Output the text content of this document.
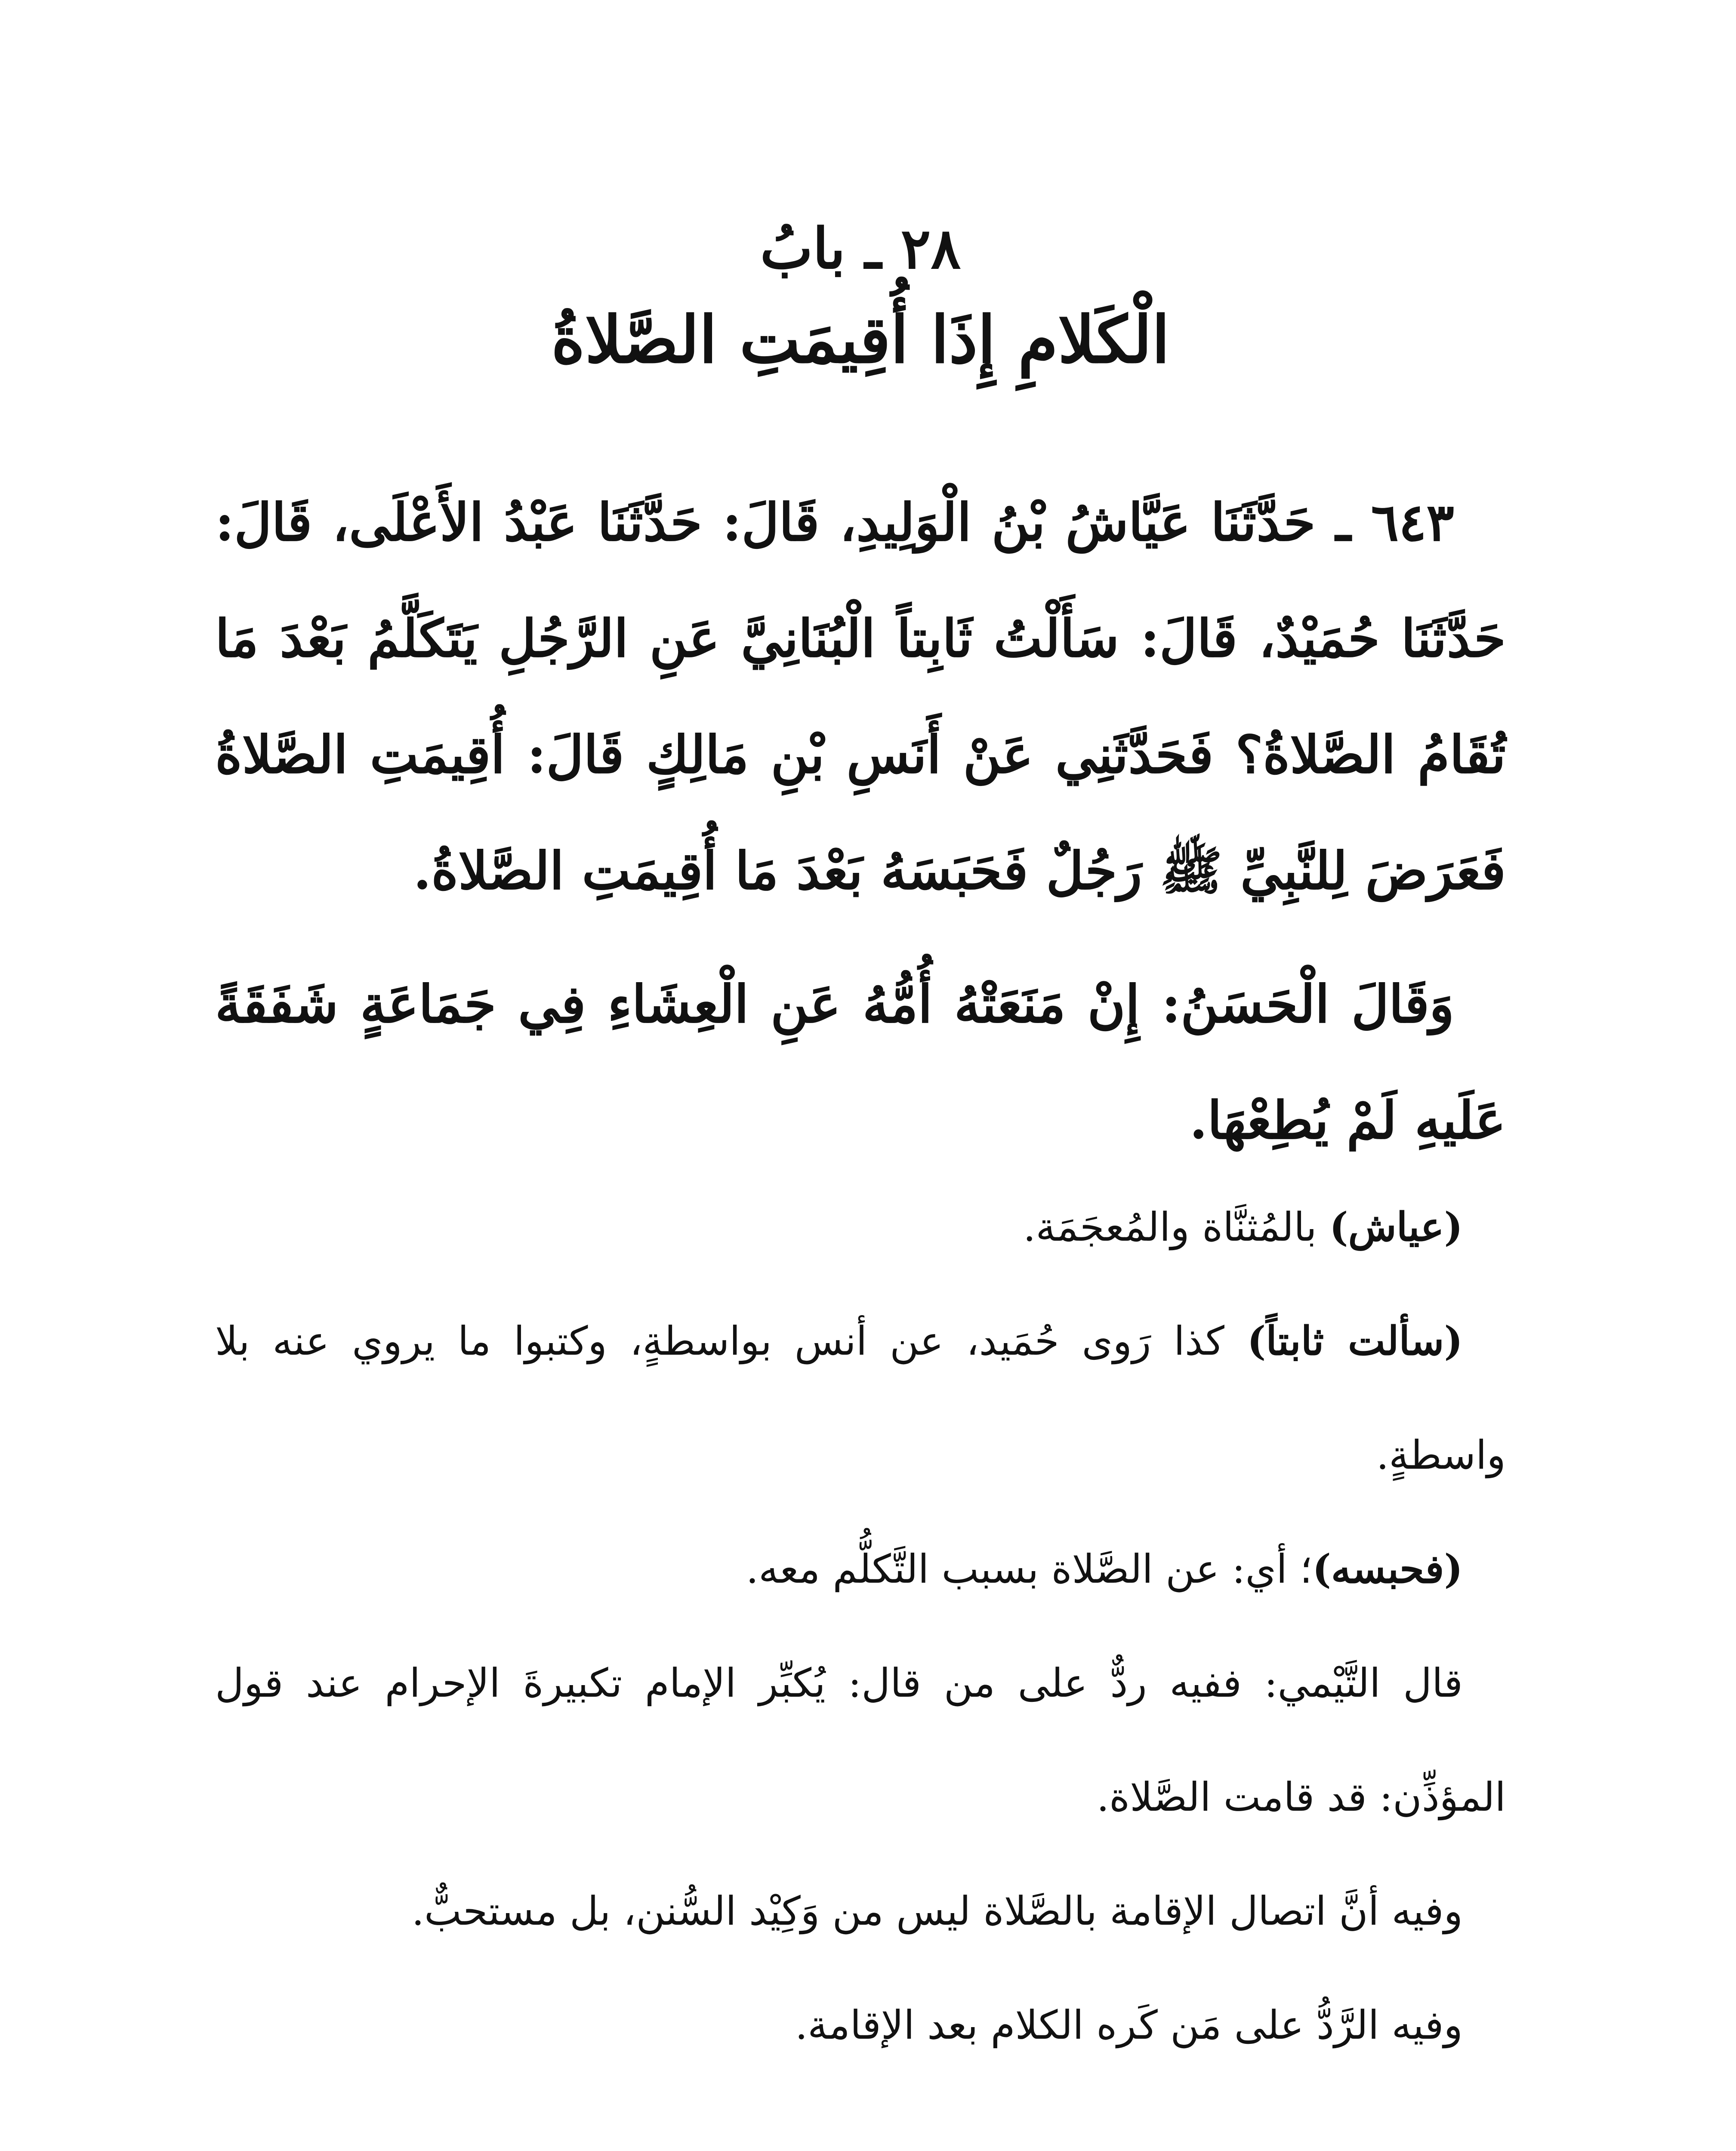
٢٨ ـ بابُ
الْكَلامِ إِذَا أُقِيمَتِ الصَّلاةُ

٦٤٣ ـ حَدَّثَنَا عَيَّاشُ بْنُ الْوَلِيدِ، قَالَ: حَدَّثَنَا عَبْدُ الأَعْلَى، قَالَ: حَدَّثَنَا حُمَيْدٌ، قَالَ: سَأَلْتُ ثَابِتاً الْبُنَانِيَّ عَنِ الرَّجُلِ يَتَكَلَّمُ بَعْدَ مَا تُقَامُ الصَّلاةُ؟ فَحَدَّثَنِي عَنْ أَنَسِ بْنِ مَالِكٍ قَالَ: أُقِيمَتِ الصَّلاةُ فَعَرَضَ لِلنَّبِيِّ ﷺ رَجُلٌ فَحَبَسَهُ بَعْدَ مَا أُقِيمَتِ الصَّلاةُ.

وَقَالَ الْحَسَنُ: إِنْ مَنَعَتْهُ أُمُّهُ عَنِ الْعِشَاءِ فِي جَمَاعَةٍ شَفَقَةً عَلَيهِ لَمْ يُطِعْهَا.

(عياش) بالمُثنَّاة والمُعجَمَة.

(سألت ثابتاً) كذا رَوى حُمَيد، عن أنس بواسطةٍ، وكتبوا ما يروي عنه بلا واسطةٍ.

(فحبسه)؛ أي: عن الصَّلاة بسبب التَّكلُّم معه.

قال التَّيْمي: ففيه ردٌّ على من قال: يُكبِّر الإمام تكبيرةَ الإحرام عند قول المؤذِّن: قد قامت الصَّلاة.

وفيه أنَّ اتصال الإقامة بالصَّلاة ليس من وَكِيْد السُّنن، بل مستحبٌّ.

وفيه الرَّدُّ على مَن كَره الكلام بعد الإقامة.
